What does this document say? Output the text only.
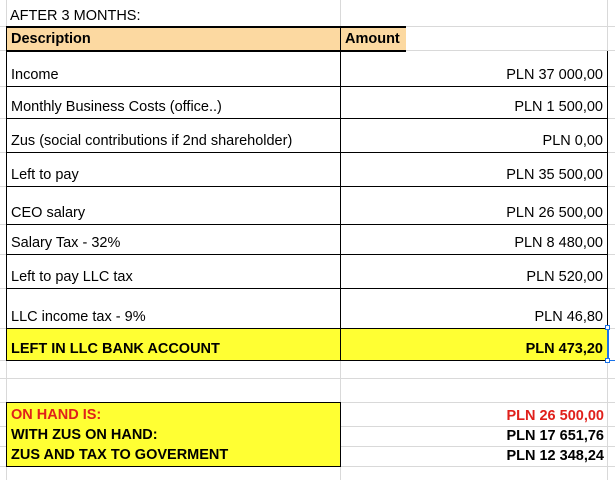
AFTER 3 MONTHS:
Description	Amount
Income	PLN 37 000,00
Monthly Business Costs (office..)	PLN 1 500,00
Zus (social contributions if 2nd shareholder)	PLN 0,00
Left to pay	PLN 35 500,00
CEO salary	PLN 26 500,00
Salary Tax - 32%	PLN 8 480,00
Left to pay LLC tax	PLN 520,00
LLC income tax - 9%	PLN 46,80
LEFT IN LLC BANK ACCOUNT	PLN 473,20
ON HAND IS:	PLN 26 500,00
WITH ZUS ON HAND:	PLN 17 651,76
ZUS AND TAX TO GOVERMENT	PLN 12 348,24
